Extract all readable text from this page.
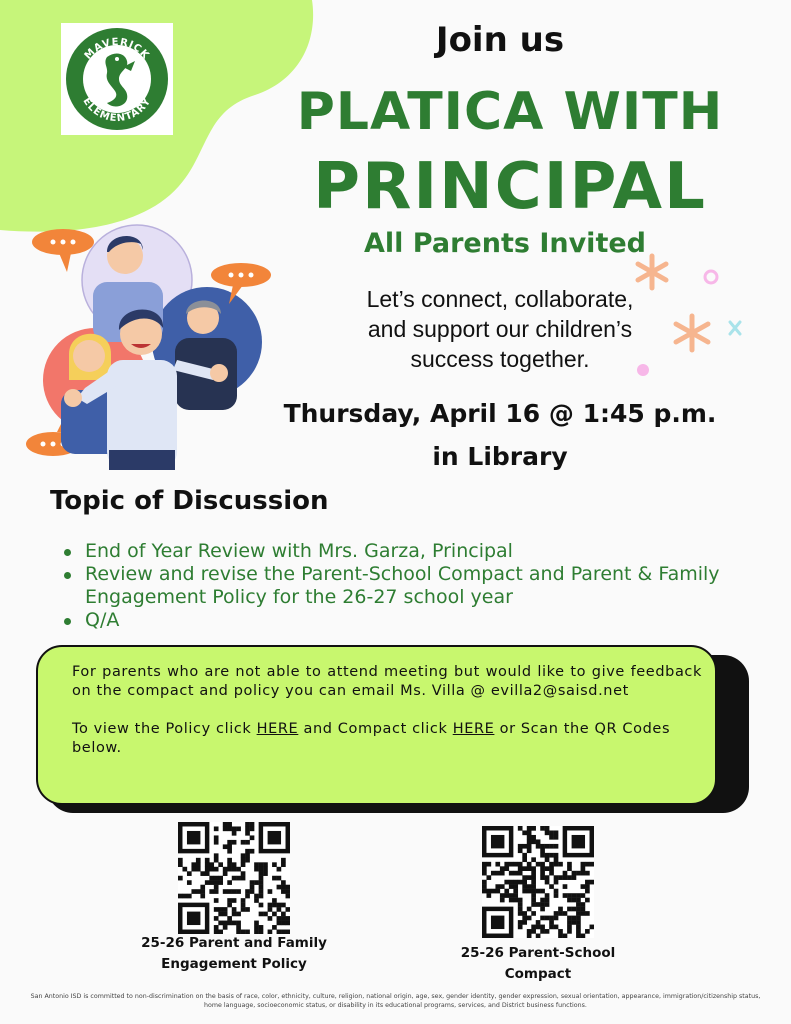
MAVERICK
ELEMENTARY
Join us
PLATICA WITH
PRINCIPAL
All Parents Invited
Let’s connect, collaborate,
and support our children’s
success together.
Thursday, April 16 @ 1:45 p.m.
in Library
Topic of Discussion
End of Year Review with Mrs. Garza, Principal
Review and revise the Parent-School Compact and Parent & Family Engagement Policy for the 26-27 school year
Q/A

For parents who are not able to attend meeting but would like to give feedback on the compact and policy you can email Ms. Villa @ evilla2@saisd.net

To view the Policy click HERE and Compact click HERE or Scan the QR Codes below.

25-26 Parent and Family
Engagement Policy
25-26 Parent-School
Compact
San Antonio ISD is committed to non-discrimination on the basis of race, color, ethnicity, culture, religion, national origin, age, sex, gender identity, gender expression, sexual orientation, appearance, immigration/citizenship status, home language, socioeconomic status, or disability in its educational programs, services, and District business functions.
